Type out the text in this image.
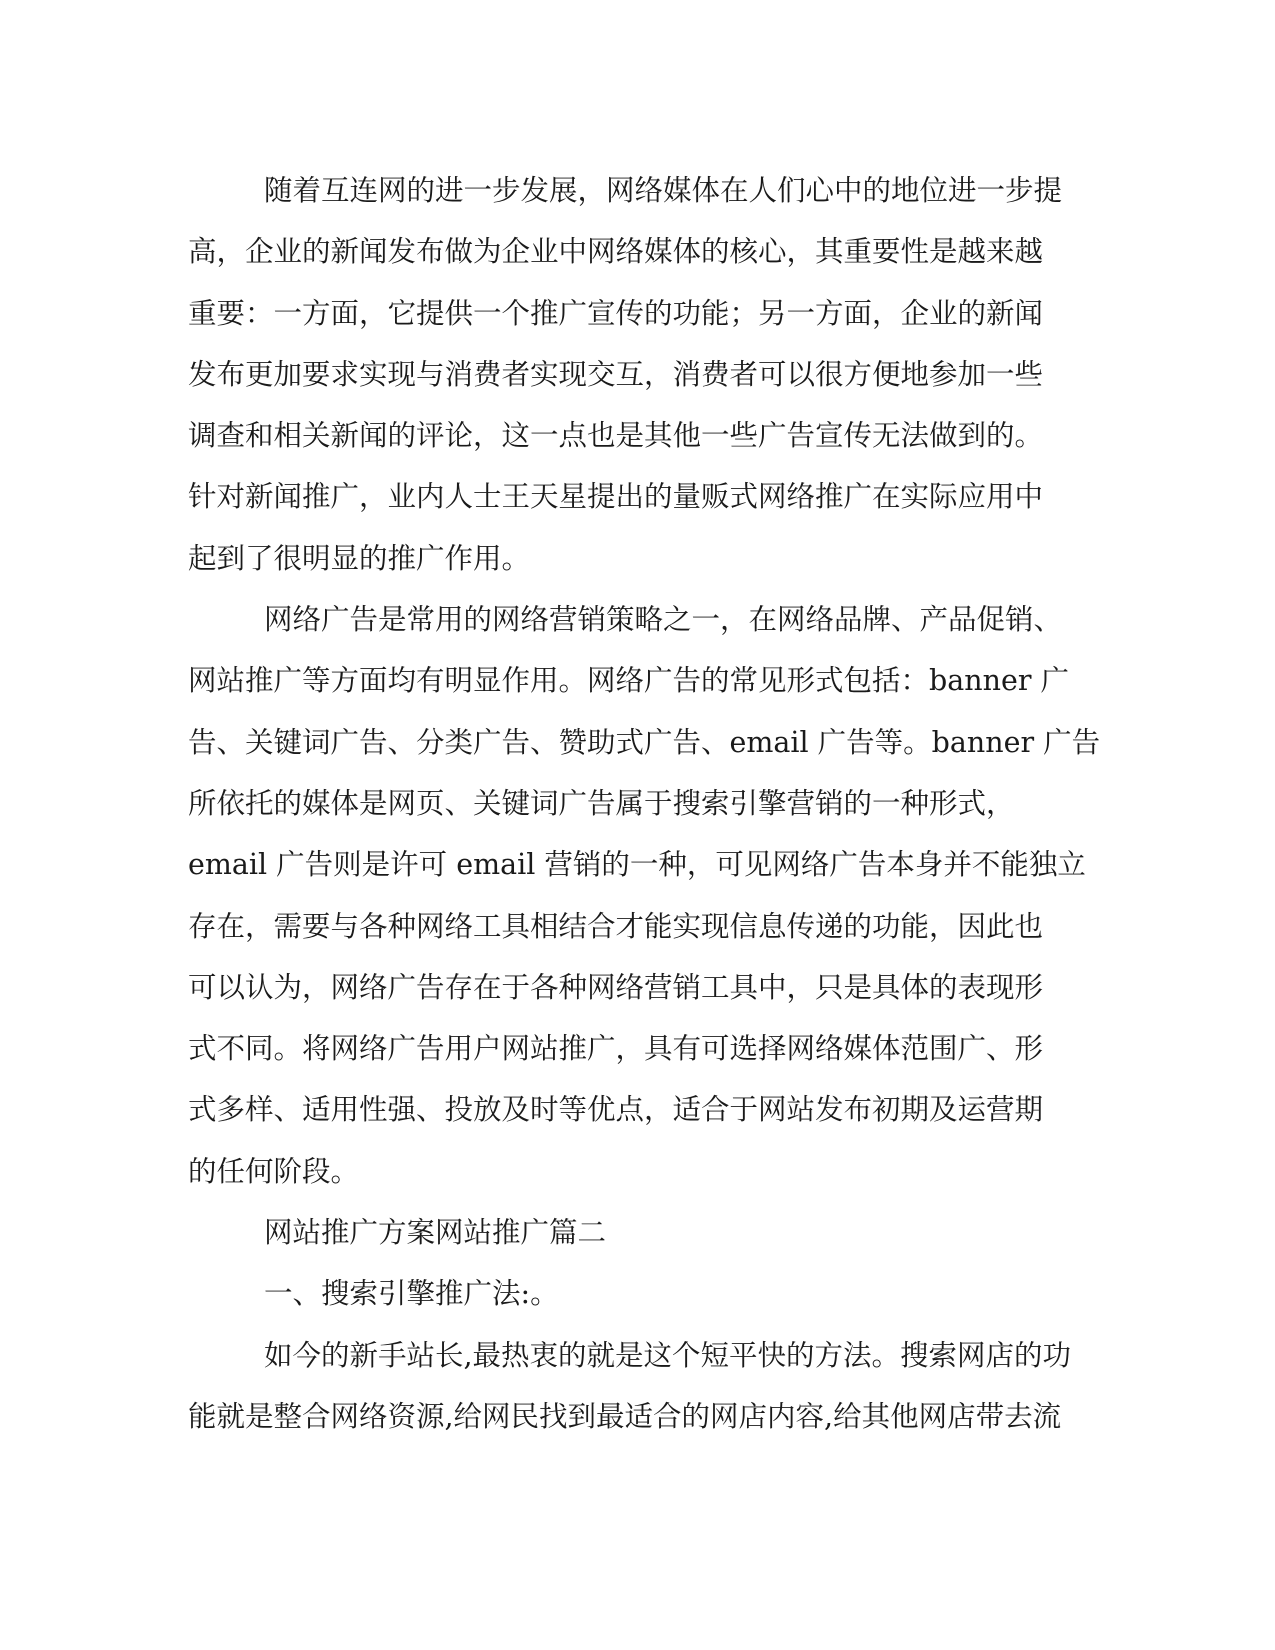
随着互连网的进一步发展，网络媒体在人们心中的地位进一步提
高，企业的新闻发布做为企业中网络媒体的核心，其重要性是越来越
重要：一方面，它提供一个推广宣传的功能；另一方面，企业的新闻
发布更加要求实现与消费者实现交互，消费者可以很方便地参加一些
调查和相关新闻的评论，这一点也是其他一些广告宣传无法做到的。
针对新闻推广，业内人士王天星提出的量贩式网络推广在实际应用中
起到了很明显的推广作用。
网络广告是常用的网络营销策略之一，在网络品牌、产品促销、
网站推广等方面均有明显作用。网络广告的常见形式包括：banner 广
告、关键词广告、分类广告、赞助式广告、email 广告等。banner 广告
所依托的媒体是网页、关键词广告属于搜索引擎营销的一种形式，
email 广告则是许可 email 营销的一种，可见网络广告本身并不能独立
存在，需要与各种网络工具相结合才能实现信息传递的功能，因此也
可以认为，网络广告存在于各种网络营销工具中，只是具体的表现形
式不同。将网络广告用户网站推广，具有可选择网络媒体范围广、形
式多样、适用性强、投放及时等优点，适合于网站发布初期及运营期
的任何阶段。
网站推广方案网站推广篇二
一、搜索引擎推广法:。
如今的新手站长,最热衷的就是这个短平快的方法。搜索网店的功
能就是整合网络资源,给网民找到最适合的网店内容,给其他网店带去流
